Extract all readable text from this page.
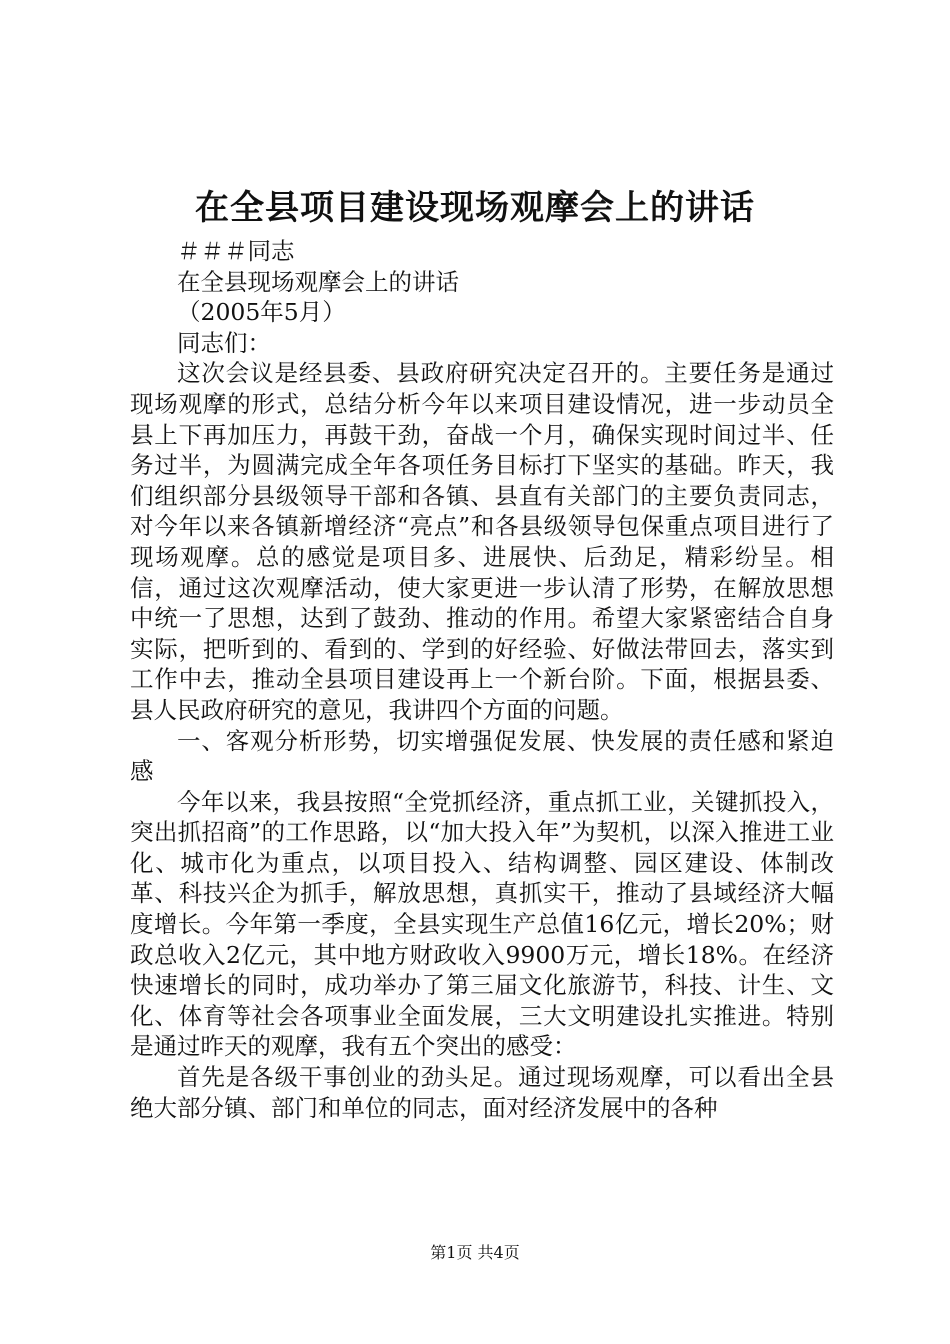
在全县项目建设现场观摩会上的讲话

＃＃＃同志

在全县现场观摩会上的讲话

（2005年5月）

同志们：

这次会议是经县委、县政府研究决定召开的。主要任务是通过现场观摩的形式，总结分析今年以来项目建设情况，进一步动员全县上下再加压力，再鼓干劲，奋战一个月，确保实现时间过半、任务过半，为圆满完成全年各项任务目标打下坚实的基础。昨天，我们组织部分县级领导干部和各镇、县直有关部门的主要负责同志，对今年以来各镇新增经济“亮点”和各县级领导包保重点项目进行了现场观摩。总的感觉是项目多、进展快、后劲足，精彩纷呈。相信，通过这次观摩活动，使大家更进一步认清了形势，在解放思想中统一了思想，达到了鼓劲、推动的作用。希望大家紧密结合自身实际，把听到的、看到的、学到的好经验、好做法带回去，落实到工作中去，推动全县项目建设再上一个新台阶。下面，根据县委、县人民政府研究的意见，我讲四个方面的问题。

一、客观分析形势，切实增强促发展、快发展的责任感和紧迫感

今年以来，我县按照“全党抓经济，重点抓工业，关键抓投入，突出抓招商”的工作思路，以“加大投入年”为契机，以深入推进工业化、城市化为重点，以项目投入、结构调整、园区建设、体制改革、科技兴企为抓手，解放思想，真抓实干，推动了县域经济大幅度增长。今年第一季度，全县实现生产总值16亿元，增长20%；财政总收入2亿元，其中地方财政收入9900万元，增长18%。在经济快速增长的同时，成功举办了第三届文化旅游节，科技、计生、文化、体育等社会各项事业全面发展，三大文明建设扎实推进。特别是通过昨天的观摩，我有五个突出的感受：

首先是各级干事创业的劲头足。通过现场观摩，可以看出全县绝大部分镇、部门和单位的同志，面对经济发展中的各种

第1页 共4页
